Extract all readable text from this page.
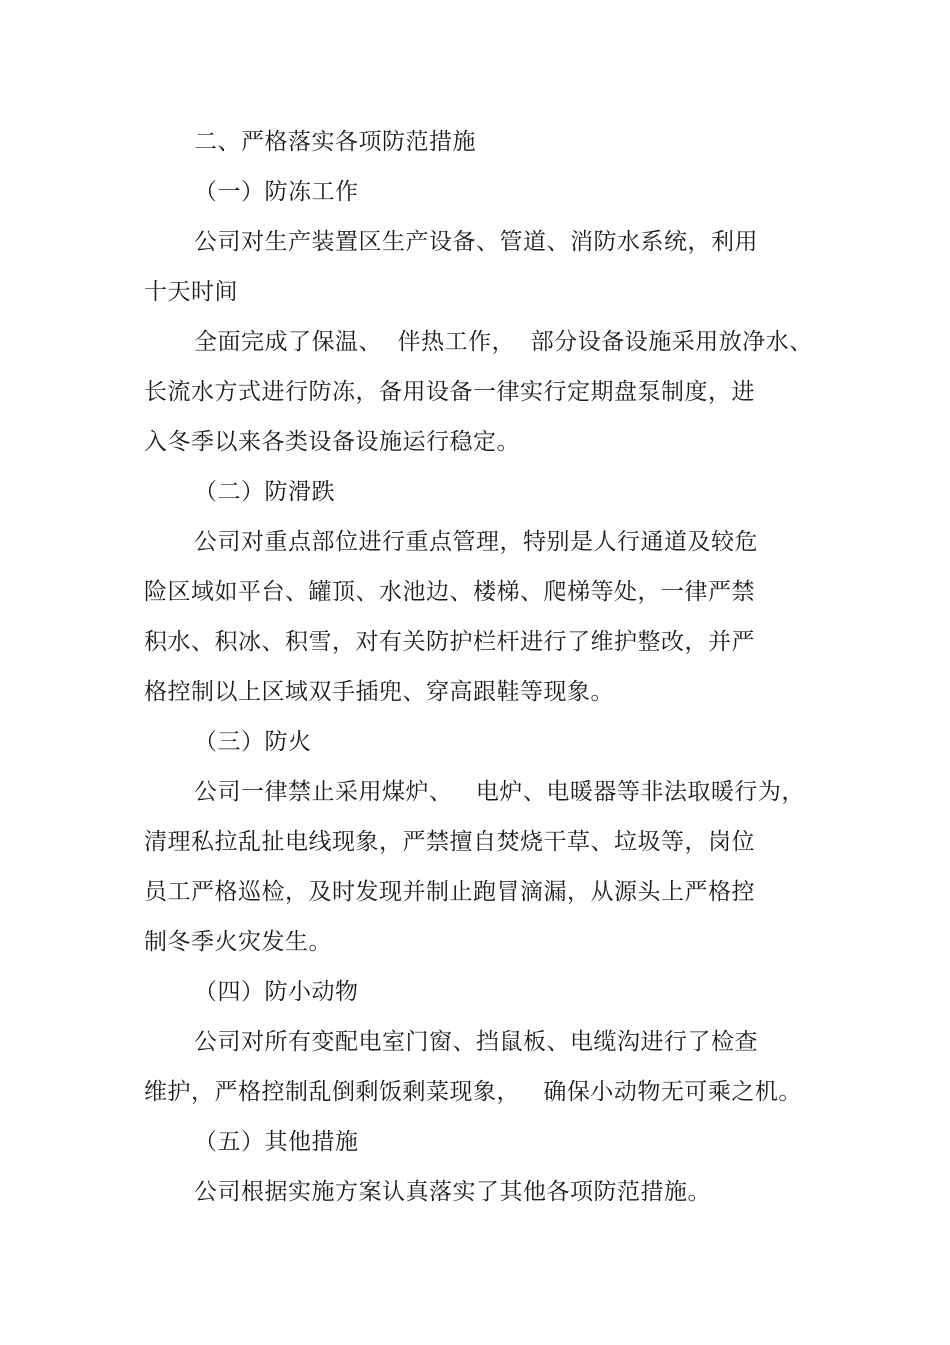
二、严格落实各项防范措施
（一）防冻工作
公司对生产装置区生产设备、管道、消防水系统，利用
十天时间
全面完成了保温、  伴热工作，  部分设备设施采用放净水、
长流水方式进行防冻，备用设备一律实行定期盘泵制度，进
入冬季以来各类设备设施运行稳定。
（二）防滑跌
公司对重点部位进行重点管理，特别是人行通道及较危
险区域如平台、罐顶、水池边、楼梯、爬梯等处，一律严禁
积水、积冰、积雪，对有关防护栏杆进行了维护整改，并严
格控制以上区域双手插兜、穿高跟鞋等现象。
（三）防火
公司一律禁止采用煤炉、   电炉、电暖器等非法取暖行为，
清理私拉乱扯电线现象，严禁擅自焚烧干草、垃圾等，岗位
员工严格巡检，及时发现并制止跑冒滴漏，从源头上严格控
制冬季火灾发生。
（四）防小动物
公司对所有变配电室门窗、挡鼠板、电缆沟进行了检查
维护，严格控制乱倒剩饭剩菜现象，   确保小动物无可乘之机。
（五）其他措施
公司根据实施方案认真落实了其他各项防范措施。
